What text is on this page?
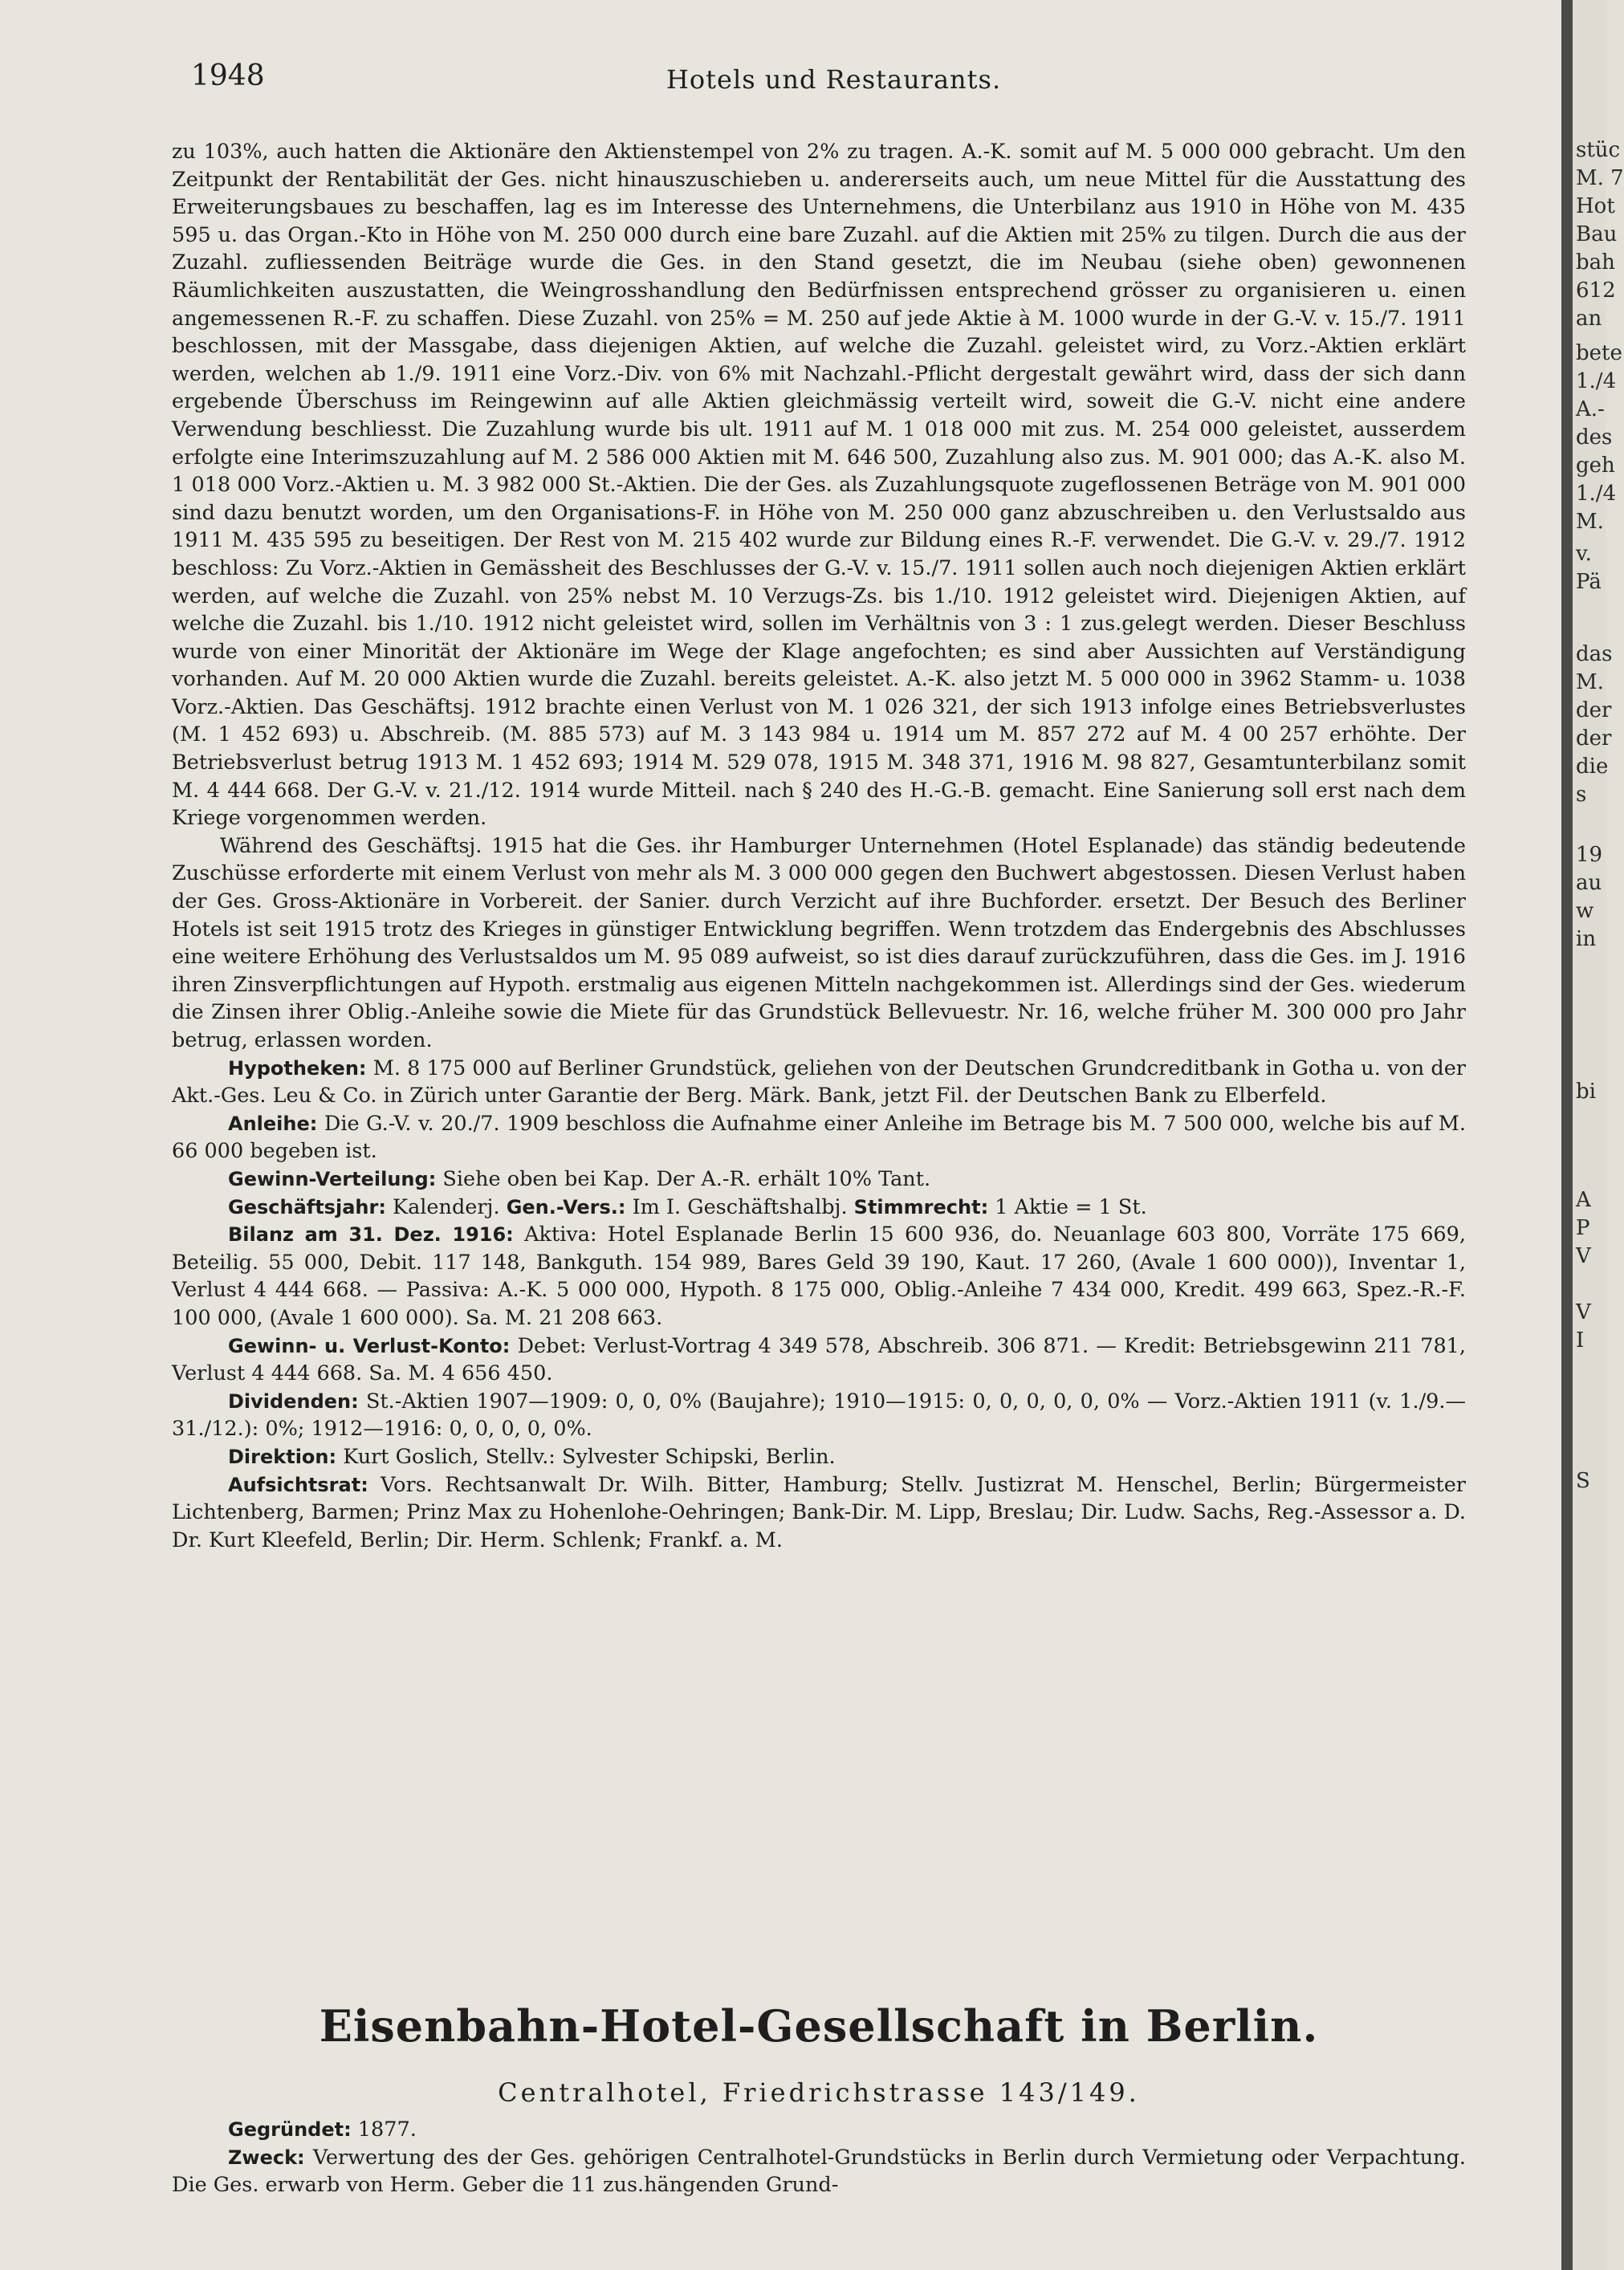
1948	Hotels und Restaurants.

zu 103%, auch hatten die Aktionäre den Aktienstempel von 2% zu tragen. A.-K. somit auf M. 5 000 000 gebracht. Um den Zeitpunkt der Rentabilität der Ges. nicht hinauszuschieben u. andererseits auch, um neue Mittel für die Ausstattung des Erweiterungsbaues zu beschaffen, lag es im Interesse des Unternehmens, die Unterbilanz aus 1910 in Höhe von M. 435 595 u. das Organ.-Kto in Höhe von M. 250 000 durch eine bare Zuzahl. auf die Aktien mit 25% zu tilgen. Durch die aus der Zuzahl. zufliessenden Beiträge wurde die Ges. in den Stand gesetzt, die im Neubau (siehe oben) gewonnenen Räumlichkeiten auszustatten, die Weingrosshandlung den Bedürfnissen entsprechend grösser zu organisieren u. einen angemessenen R.-F. zu schaffen. Diese Zuzahl. von 25% = M. 250 auf jede Aktie à M. 1000 wurde in der G.-V. v. 15./7. 1911 beschlossen, mit der Massgabe, dass diejenigen Aktien, auf welche die Zuzahl. geleistet wird, zu Vorz.-Aktien erklärt werden, welchen ab 1./9. 1911 eine Vorz.-Div. von 6% mit Nachzahl.-Pflicht dergestalt gewährt wird, dass der sich dann ergebende Überschuss im Reingewinn auf alle Aktien gleichmässig verteilt wird, soweit die G.-V. nicht eine andere Verwendung beschliesst. Die Zuzahlung wurde bis ult. 1911 auf M. 1 018 000 mit zus. M. 254 000 geleistet, ausserdem erfolgte eine Interimszuzahlung auf M. 2 586 000 Aktien mit M. 646 500, Zuzahlung also zus. M. 901 000; das A.-K. also M. 1 018 000 Vorz.-Aktien u. M. 3 982 000 St.-Aktien. Die der Ges. als Zuzahlungsquote zugeflossenen Beträge von M. 901 000 sind dazu benutzt worden, um den Organisations-F. in Höhe von M. 250 000 ganz abzuschreiben u. den Verlustsaldo aus 1911 M. 435 595 zu beseitigen. Der Rest von M. 215 402 wurde zur Bildung eines R.-F. verwendet. Die G.-V. v. 29./7. 1912 beschloss: Zu Vorz.-Aktien in Gemässheit des Beschlusses der G.-V. v. 15./7. 1911 sollen auch noch diejenigen Aktien erklärt werden, auf welche die Zuzahl. von 25% nebst M. 10 Verzugs-Zs. bis 1./10. 1912 geleistet wird. Diejenigen Aktien, auf welche die Zuzahl. bis 1./10. 1912 nicht geleistet wird, sollen im Verhältnis von 3 : 1 zus.gelegt werden. Dieser Beschluss wurde von einer Minorität der Aktionäre im Wege der Klage angefochten; es sind aber Aussichten auf Verständigung vorhanden. Auf M. 20 000 Aktien wurde die Zuzahl. bereits geleistet. A.-K. also jetzt M. 5 000 000 in 3962 Stamm- u. 1038 Vorz.-Aktien. Das Geschäftsj. 1912 brachte einen Verlust von M. 1 026 321, der sich 1913 infolge eines Betriebsverlustes (M. 1 452 693) u. Abschreib. (M. 885 573) auf M. 3 143 984 u. 1914 um M. 857 272 auf M. 4 00 257 erhöhte. Der Betriebsverlust betrug 1913 M. 1 452 693; 1914 M. 529 078, 1915 M. 348 371, 1916 M. 98 827, Gesamtunterbilanz somit M. 4 444 668. Der G.-V. v. 21./12. 1914 wurde Mitteil. nach § 240 des H.-G.-B. gemacht. Eine Sanierung soll erst nach dem Kriege vorgenommen werden.

Während des Geschäftsj. 1915 hat die Ges. ihr Hamburger Unternehmen (Hotel Esplanade) das ständig bedeutende Zuschüsse erforderte mit einem Verlust von mehr als M. 3 000 000 gegen den Buchwert abgestossen. Diesen Verlust haben der Ges. Gross-Aktionäre in Vorbereit. der Sanier. durch Verzicht auf ihre Buchforder. ersetzt. Der Besuch des Berliner Hotels ist seit 1915 trotz des Krieges in günstiger Entwicklung begriffen. Wenn trotzdem das Endergebnis des Abschlusses eine weitere Erhöhung des Verlustsaldos um M. 95 089 aufweist, so ist dies darauf zurückzuführen, dass die Ges. im J. 1916 ihren Zinsverpflichtungen auf Hypoth. erstmalig aus eigenen Mitteln nachgekommen ist. Allerdings sind der Ges. wiederum die Zinsen ihrer Oblig.-Anleihe sowie die Miete für das Grundstück Bellevuestr. Nr. 16, welche früher M. 300 000 pro Jahr betrug, erlassen worden.

Hypotheken: M. 8 175 000 auf Berliner Grundstück, geliehen von der Deutschen Grundcreditbank in Gotha u. von der Akt.-Ges. Leu & Co. in Zürich unter Garantie der Berg. Märk. Bank, jetzt Fil. der Deutschen Bank zu Elberfeld.

Anleihe: Die G.-V. v. 20./7. 1909 beschloss die Aufnahme einer Anleihe im Betrage bis M. 7 500 000, welche bis auf M. 66 000 begeben ist.

Gewinn-Verteilung: Siehe oben bei Kap. Der A.-R. erhält 10% Tant.

Geschäftsjahr: Kalenderj. Gen.-Vers.: Im I. Geschäftshalbj. Stimmrecht: 1 Aktie = 1 St.

Bilanz am 31. Dez. 1916: Aktiva: Hotel Esplanade Berlin 15 600 936, do. Neuanlage 603 800, Vorräte 175 669, Beteilig. 55 000, Debit. 117 148, Bankguth. 154 989, Bares Geld 39 190, Kaut. 17 260, (Avale 1 600 000)), Inventar 1, Verlust 4 444 668. — Passiva: A.-K. 5 000 000, Hypoth. 8 175 000, Oblig.-Anleihe 7 434 000, Kredit. 499 663, Spez.-R.-F. 100 000, (Avale 1 600 000). Sa. M. 21 208 663.

Gewinn- u. Verlust-Konto: Debet: Verlust-Vortrag 4 349 578, Abschreib. 306 871. — Kredit: Betriebsgewinn 211 781, Verlust 4 444 668. Sa. M. 4 656 450.

Dividenden: St.-Aktien 1907—1909: 0, 0, 0% (Baujahre); 1910—1915: 0, 0, 0, 0, 0, 0% — Vorz.-Aktien 1911 (v. 1./9.—31./12.): 0%; 1912—1916: 0, 0, 0, 0, 0%.

Direktion: Kurt Goslich, Stellv.: Sylvester Schipski, Berlin.

Aufsichtsrat: Vors. Rechtsanwalt Dr. Wilh. Bitter, Hamburg; Stellv. Justizrat M. Henschel, Berlin; Bürgermeister Lichtenberg, Barmen; Prinz Max zu Hohenlohe-Oehringen; Bank-Dir. M. Lipp, Breslau; Dir. Ludw. Sachs, Reg.-Assessor a. D. Dr. Kurt Kleefeld, Berlin; Dir. Herm. Schlenk; Frankf. a. M.

Eisenbahn-Hotel-Gesellschaft in Berlin.
Centralhotel, Friedrichstrasse 143/149.

Gegründet: 1877.

Zweck: Verwertung des der Ges. gehörigen Centralhotel-Grundstücks in Berlin durch Vermietung oder Verpachtung. Die Ges. erwarb von Herm. Geber die 11 zus.hängenden Grund-

stüc
M. 7
Hot
Bau
bah
612
an
bete
1./4
A.-
des
geh
1./4
M.
v.
Pä
das
M.
der
der
die
s
19
au
w
in
bi
A
P
V
V
I
S
